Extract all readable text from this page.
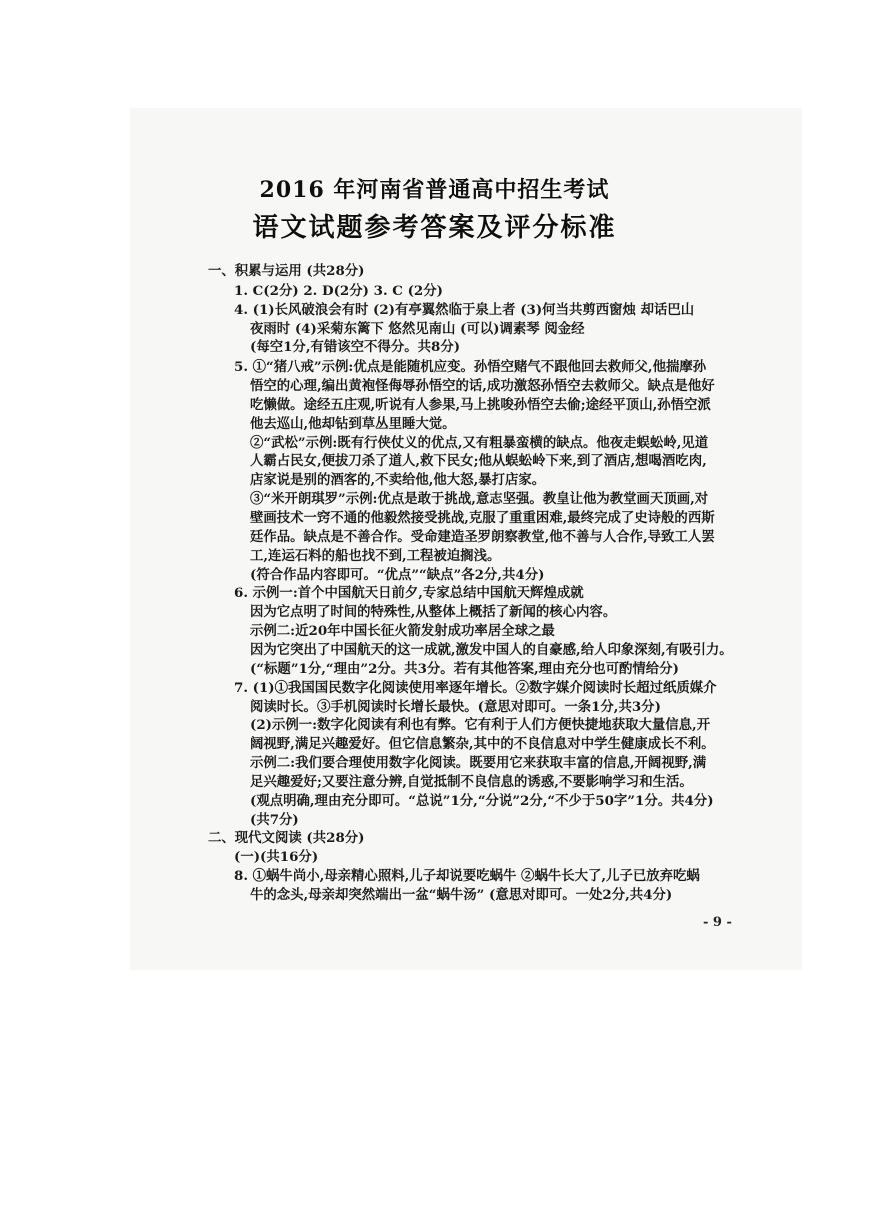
2016 年河南省普通高中招生考试
语文试题参考答案及评分标准
一、积累与运用 (共28分)
1. C(2分) 2. D(2分) 3. C (2分)
4. (1)长风破浪会有时 (2)有亭翼然临于泉上者 (3)何当共剪西窗烛 却话巴山
夜雨时 (4)采菊东篱下 悠然见南山 (可以)调素琴 阅金经
(每空1分,有错该空不得分。共8分)
5. ①“猪八戒”示例:优点是能随机应变。孙悟空赌气不跟他回去救师父,他揣摩孙
悟空的心理,编出黄袍怪侮辱孙悟空的话,成功激怒孙悟空去救师父。缺点是他好
吃懒做。途经五庄观,听说有人参果,马上挑唆孙悟空去偷;途经平顶山,孙悟空派
他去巡山,他却钻到草丛里睡大觉。
②“武松”示例:既有行侠仗义的优点,又有粗暴蛮横的缺点。他夜走蜈蚣岭,见道
人霸占民女,便拔刀杀了道人,救下民女;他从蜈蚣岭下来,到了酒店,想喝酒吃肉,
店家说是别的酒客的,不卖给他,他大怒,暴打店家。
③“米开朗琪罗”示例:优点是敢于挑战,意志坚强。教皇让他为教堂画天顶画,对
壁画技术一窍不通的他毅然接受挑战,克服了重重困难,最终完成了史诗般的西斯
廷作品。缺点是不善合作。受命建造圣罗朗察教堂,他不善与人合作,导致工人罢
工,连运石料的船也找不到,工程被迫搁浅。
(符合作品内容即可。“优点”“缺点”各2分,共4分)
6. 示例一:首个中国航天日前夕,专家总结中国航天辉煌成就
因为它点明了时间的特殊性,从整体上概括了新闻的核心内容。
示例二:近20年中国长征火箭发射成功率居全球之最
因为它突出了中国航天的这一成就,激发中国人的自豪感,给人印象深刻,有吸引力。
(“标题”1分,“理由”2分。共3分。若有其他答案,理由充分也可酌情给分)
7. (1)①我国国民数字化阅读使用率逐年增长。②数字媒介阅读时长超过纸质媒介
阅读时长。③手机阅读时长增长最快。(意思对即可。一条1分,共3分)
(2)示例一:数字化阅读有利也有弊。它有利于人们方便快捷地获取大量信息,开
阔视野,满足兴趣爱好。但它信息繁杂,其中的不良信息对中学生健康成长不利。
示例二:我们要合理使用数字化阅读。既要用它来获取丰富的信息,开阔视野,满
足兴趣爱好;又要注意分辨,自觉抵制不良信息的诱惑,不要影响学习和生活。
(观点明确,理由充分即可。“总说”1分,“分说”2分,“不少于50字”1分。共4分)
(共7分)
二、现代文阅读 (共28分)
(一)(共16分)
8. ①蜗牛尚小,母亲精心照料,儿子却说要吃蜗牛 ②蜗牛长大了,儿子已放弃吃蜗
牛的念头,母亲却突然端出一盆“蜗牛汤” (意思对即可。一处2分,共4分)
- 9 -
